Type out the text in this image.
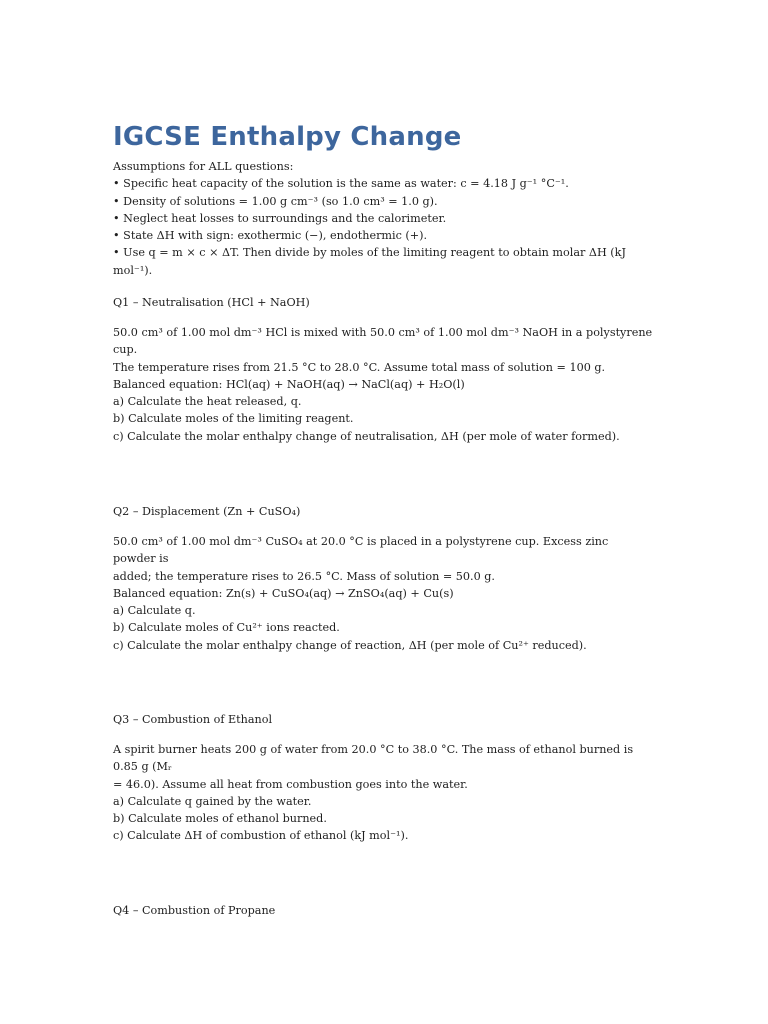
IGCSE Enthalpy Change
Assumptions for ALL questions:
• Specific heat capacity of the solution is the same as water: c = 4.18 J g⁻¹ °C⁻¹.
• Density of solutions = 1.00 g cm⁻³ (so 1.0 cm³ = 1.0 g).
• Neglect heat losses to surroundings and the calorimeter.
• State ΔH with sign: exothermic (−), endothermic (+).
• Use q = m × c × ΔT. Then divide by moles of the limiting reagent to obtain molar ΔH (kJ mol⁻¹).
Q1 – Neutralisation (HCl + NaOH)
50.0 cm³ of 1.00 mol dm⁻³ HCl is mixed with 50.0 cm³ of 1.00 mol dm⁻³ NaOH in a polystyrene cup.
The temperature rises from 21.5 °C to 28.0 °C. Assume total mass of solution = 100 g.
Balanced equation: HCl(aq) + NaOH(aq) → NaCl(aq) + H₂O(l)
a) Calculate the heat released, q.
b) Calculate moles of the limiting reagent.
c) Calculate the molar enthalpy change of neutralisation, ΔH (per mole of water formed).
Q2 – Displacement (Zn + CuSO₄)
50.0 cm³ of 1.00 mol dm⁻³ CuSO₄ at 20.0 °C is placed in a polystyrene cup. Excess zinc powder is
added; the temperature rises to 26.5 °C. Mass of solution = 50.0 g.
Balanced equation: Zn(s) + CuSO₄(aq) → ZnSO₄(aq) + Cu(s)
a) Calculate q.
b) Calculate moles of Cu²⁺ ions reacted.
c) Calculate the molar enthalpy change of reaction, ΔH (per mole of Cu²⁺ reduced).
Q3 – Combustion of Ethanol
A spirit burner heats 200 g of water from 20.0 °C to 38.0 °C. The mass of ethanol burned is 0.85 g (Mᵣ
= 46.0). Assume all heat from combustion goes into the water.
a) Calculate q gained by the water.
b) Calculate moles of ethanol burned.
c) Calculate ΔH of combustion of ethanol (kJ mol⁻¹).
Q4 – Combustion of Propane
